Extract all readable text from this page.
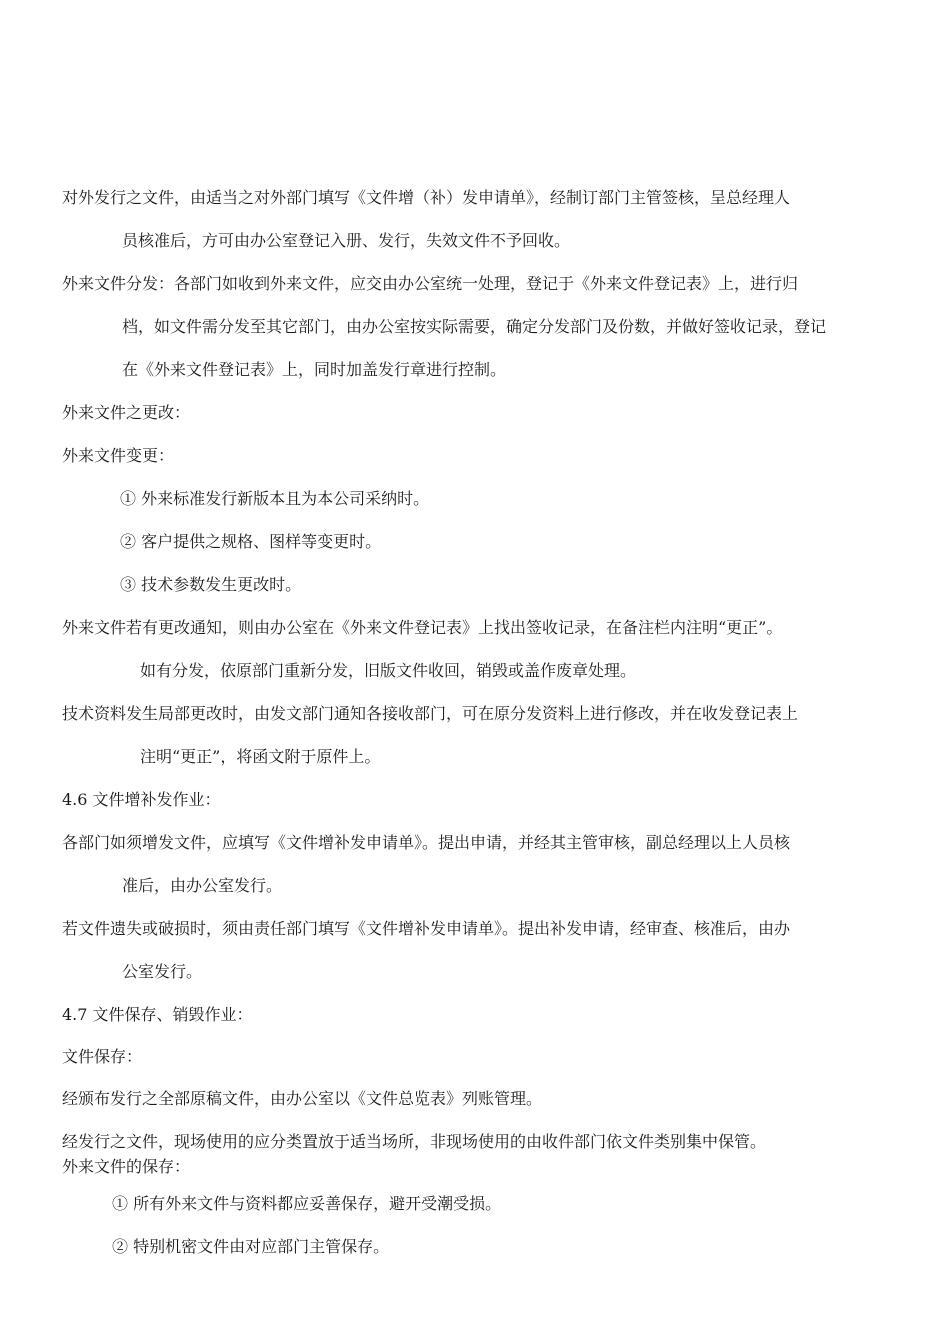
对外发行之文件，由适当之对外部门填写《文件增（补）发申请单》，经制订部门主管签核，呈总经理人
员核准后，方可由办公室登记入册、发行，失效文件不予回收。
外来文件分发：各部门如收到外来文件，应交由办公室统一处理，登记于《外来文件登记表》上，进行归
档，如文件需分发至其它部门，由办公室按实际需要，确定分发部门及份数，并做好签收记录，登记
在《外来文件登记表》上，同时加盖发行章进行控制。
外来文件之更改：
外来文件变更：
① 外来标准发行新版本且为本公司采纳时。
② 客户提供之规格、图样等变更时。
③ 技术参数发生更改时。
外来文件若有更改通知，则由办公室在《外来文件登记表》上找出签收记录，在备注栏内注明“更正”。
如有分发，依原部门重新分发，旧版文件收回，销毁或盖作废章处理。
技术资料发生局部更改时，由发文部门通知各接收部门，可在原分发资料上进行修改，并在收发登记表上
注明“更正”，将函文附于原件上。
4.6 文件增补发作业：
各部门如须增发文件，应填写《文件增补发申请单》。提出申请，并经其主管审核，副总经理以上人员核
准后，由办公室发行。
若文件遗失或破损时，须由责任部门填写《文件增补发申请单》。提出补发申请，经审查、核准后，由办
公室发行。
4.7 文件保存、销毁作业：
文件保存：
经颁布发行之全部原稿文件，由办公室以《文件总览表》列账管理。
经发行之文件，现场使用的应分类置放于适当场所，非现场使用的由收件部门依文件类别集中保管。
外来文件的保存：
① 所有外来文件与资料都应妥善保存，避开受潮受损。
② 特别机密文件由对应部门主管保存。
